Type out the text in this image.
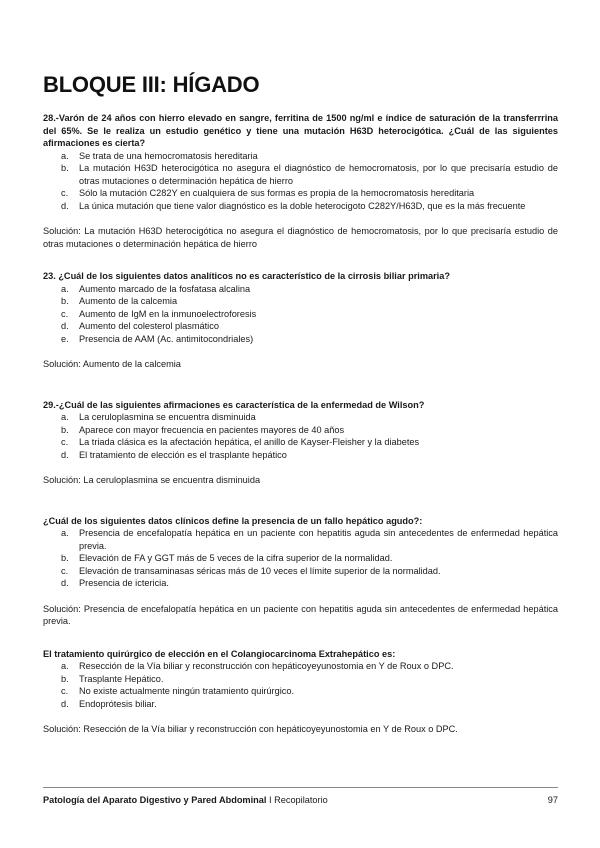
BLOQUE III: HÍGADO

28.-Varón de 24 años con hierro elevado en sangre, ferritina de 1500 ng/ml e índice de saturación de la transferrrina del 65%. Se le realiza un estudio genético y tiene una mutación H63D heterocigótica. ¿Cuál de las siguientes afirmaciones es cierta?

a. Se trata de una hemocromatosis hereditaria
b. La mutación H63D heterocigótica no asegura el diagnóstico de hemocromatosis, por lo que precisaría estudio de otras mutaciones o determinación hepática de hierro
c. Sólo la mutación C282Y en cualquiera de sus formas es propia de la hemocromatosis hereditaria
d. La única mutación que tiene valor diagnóstico es la doble heterocigoto C282Y/H63D, que es la más frecuente

Solución: La mutación H63D heterocigótica no asegura el diagnóstico de hemocromatosis, por lo que precisaría estudio de otras mutaciones o determinación hepática de hierro

23. ¿Cuál de los siguientes datos analíticos no es característico de la cirrosis biliar primaria?

a. Aumento marcado de la fosfatasa alcalina
b. Aumento de la calcemia
c. Aumento de IgM en la inmunoelectroforesis
d. Aumento del colesterol plasmático
e. Presencia de AAM (Ac. antimitocondriales)

Solución: Aumento de la calcemia

29.-¿Cuál de las siguientes afirmaciones es característica de la enfermedad de Wilson?

a. La ceruloplasmina se encuentra disminuida
b. Aparece con mayor frecuencia en pacientes mayores de 40 años
c. La triada clásica es la afectación hepática, el anillo de Kayser-Fleisher y la diabetes
d. El tratamiento de elección es el trasplante hepático

Solución: La ceruloplasmina se encuentra disminuida

¿Cuál de los siguientes datos clínicos define la presencia de un fallo hepático agudo?:

a. Presencia de encefalopatía hepática en un paciente con hepatitis aguda sin antecedentes de enfermedad hepática previa.
b. Elevación de FA y GGT más de 5 veces de la cifra superior de la normalidad.
c. Elevación de transaminasas séricas más de 10 veces el límite superior de la normalidad.
d. Presencia de ictericia.

Solución: Presencia de encefalopatía hepática en un paciente con hepatitis aguda sin antecedentes de enfermedad hepática previa.

El tratamiento quirúrgico de elección en el Colangiocarcinoma Extrahepático es:

a. Resección de la Vía biliar y reconstrucción con hepáticoyeyunostomia en Y de Roux o DPC.
b. Trasplante Hepático.
c. No existe actualmente ningún tratamiento quirúrgico.
d. Endoprótesis biliar.

Solución: Resección de la Vía biliar y reconstrucción con hepáticoyeyunostomia en Y de Roux o DPC.

Patología del Aparato Digestivo y Pared Abdominal I Recopilatorio	97
